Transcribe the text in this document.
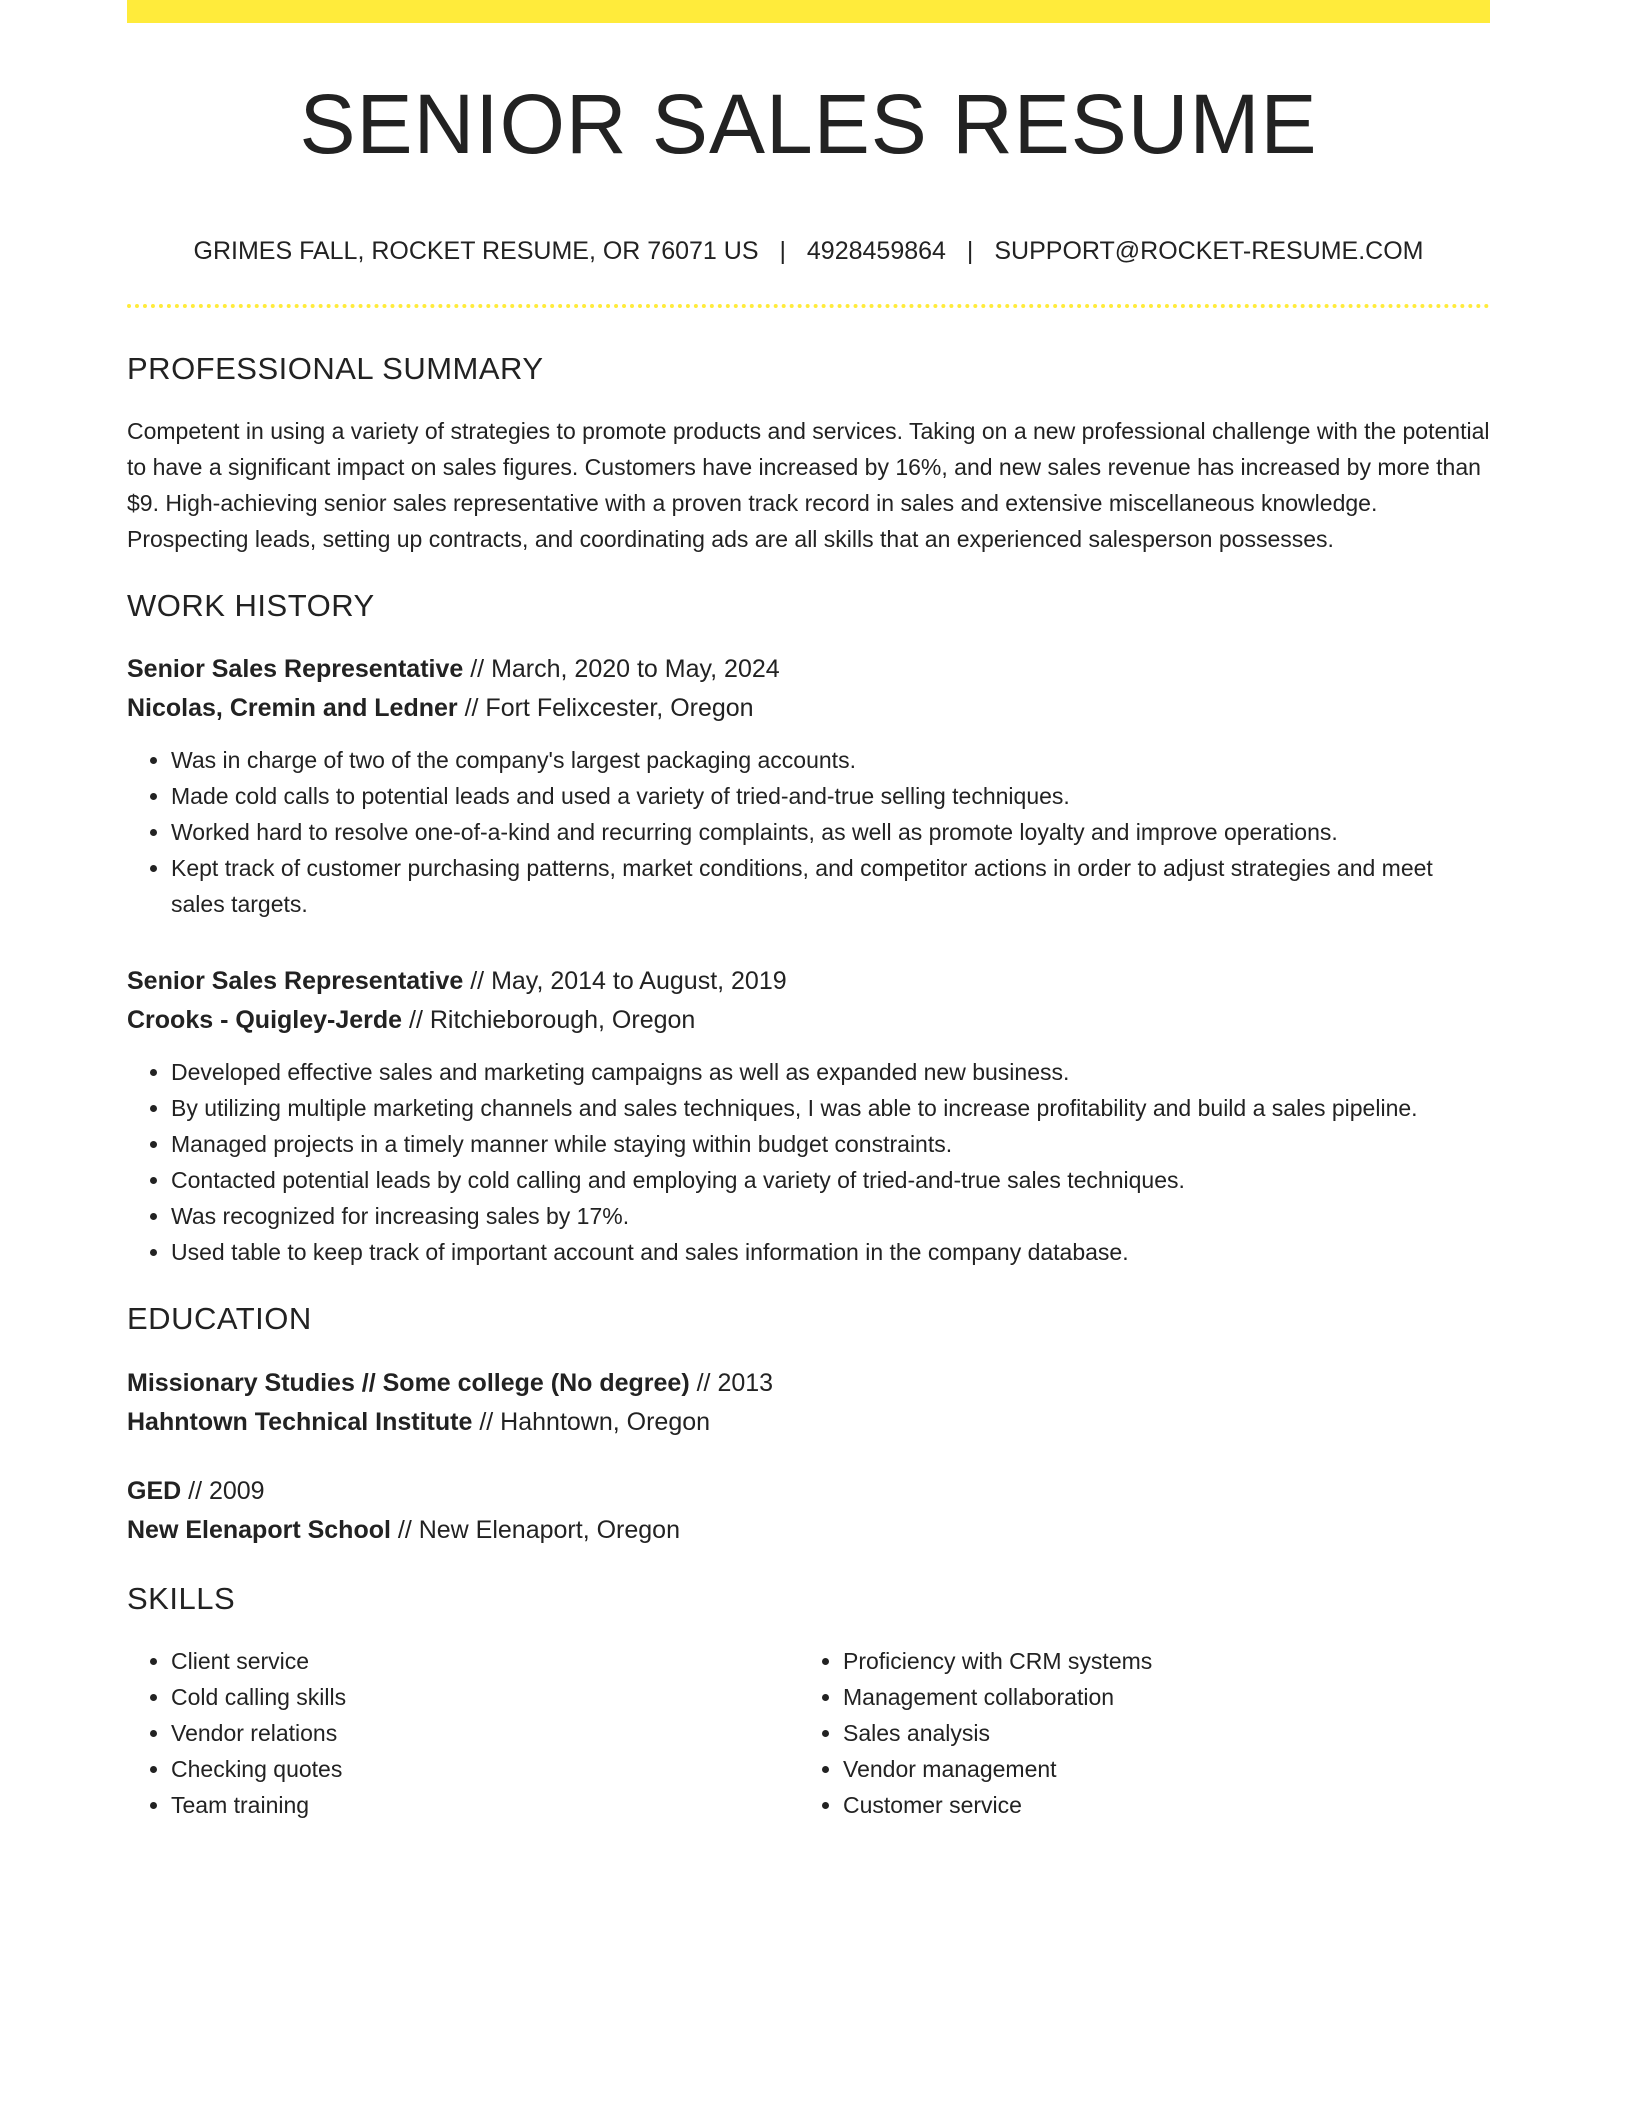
SENIOR SALES RESUME
GRIMES FALL, ROCKET RESUME, OR 76071 US | 4928459864 | SUPPORT@ROCKET-RESUME.COM
PROFESSIONAL SUMMARY

Competent in using a variety of strategies to promote products and services. Taking on a new professional challenge with the potential to have a significant impact on sales figures. Customers have increased by 16%, and new sales revenue has increased by more than $9. High-achieving senior sales representative with a proven track record in sales and extensive miscellaneous knowledge. Prospecting leads, setting up contracts, and coordinating ads are all skills that an experienced salesperson possesses.

WORK HISTORY
Senior Sales Representative // March, 2020 to May, 2024
Nicolas, Cremin and Ledner // Fort Felixcester, Oregon
• Was in charge of two of the company's largest packaging accounts.
• Made cold calls to potential leads and used a variety of tried-and-true selling techniques.
• Worked hard to resolve one-of-a-kind and recurring complaints, as well as promote loyalty and improve operations.
• Kept track of customer purchasing patterns, market conditions, and competitor actions in order to adjust strategies and meet sales targets.
Senior Sales Representative // May, 2014 to August, 2019
Crooks - Quigley-Jerde // Ritchieborough, Oregon
• Developed effective sales and marketing campaigns as well as expanded new business.
• By utilizing multiple marketing channels and sales techniques, I was able to increase profitability and build a sales pipeline.
• Managed projects in a timely manner while staying within budget constraints.
• Contacted potential leads by cold calling and employing a variety of tried-and-true sales techniques.
• Was recognized for increasing sales by 17%.
• Used table to keep track of important account and sales information in the company database.
EDUCATION
Missionary Studies // Some college (No degree) // 2013
Hahntown Technical Institute // Hahntown, Oregon
GED // 2009
New Elenaport School // New Elenaport, Oregon
SKILLS
• Client service
• Cold calling skills
• Vendor relations
• Checking quotes
• Team training
• Proficiency with CRM systems
• Management collaboration
• Sales analysis
• Vendor management
• Customer service
